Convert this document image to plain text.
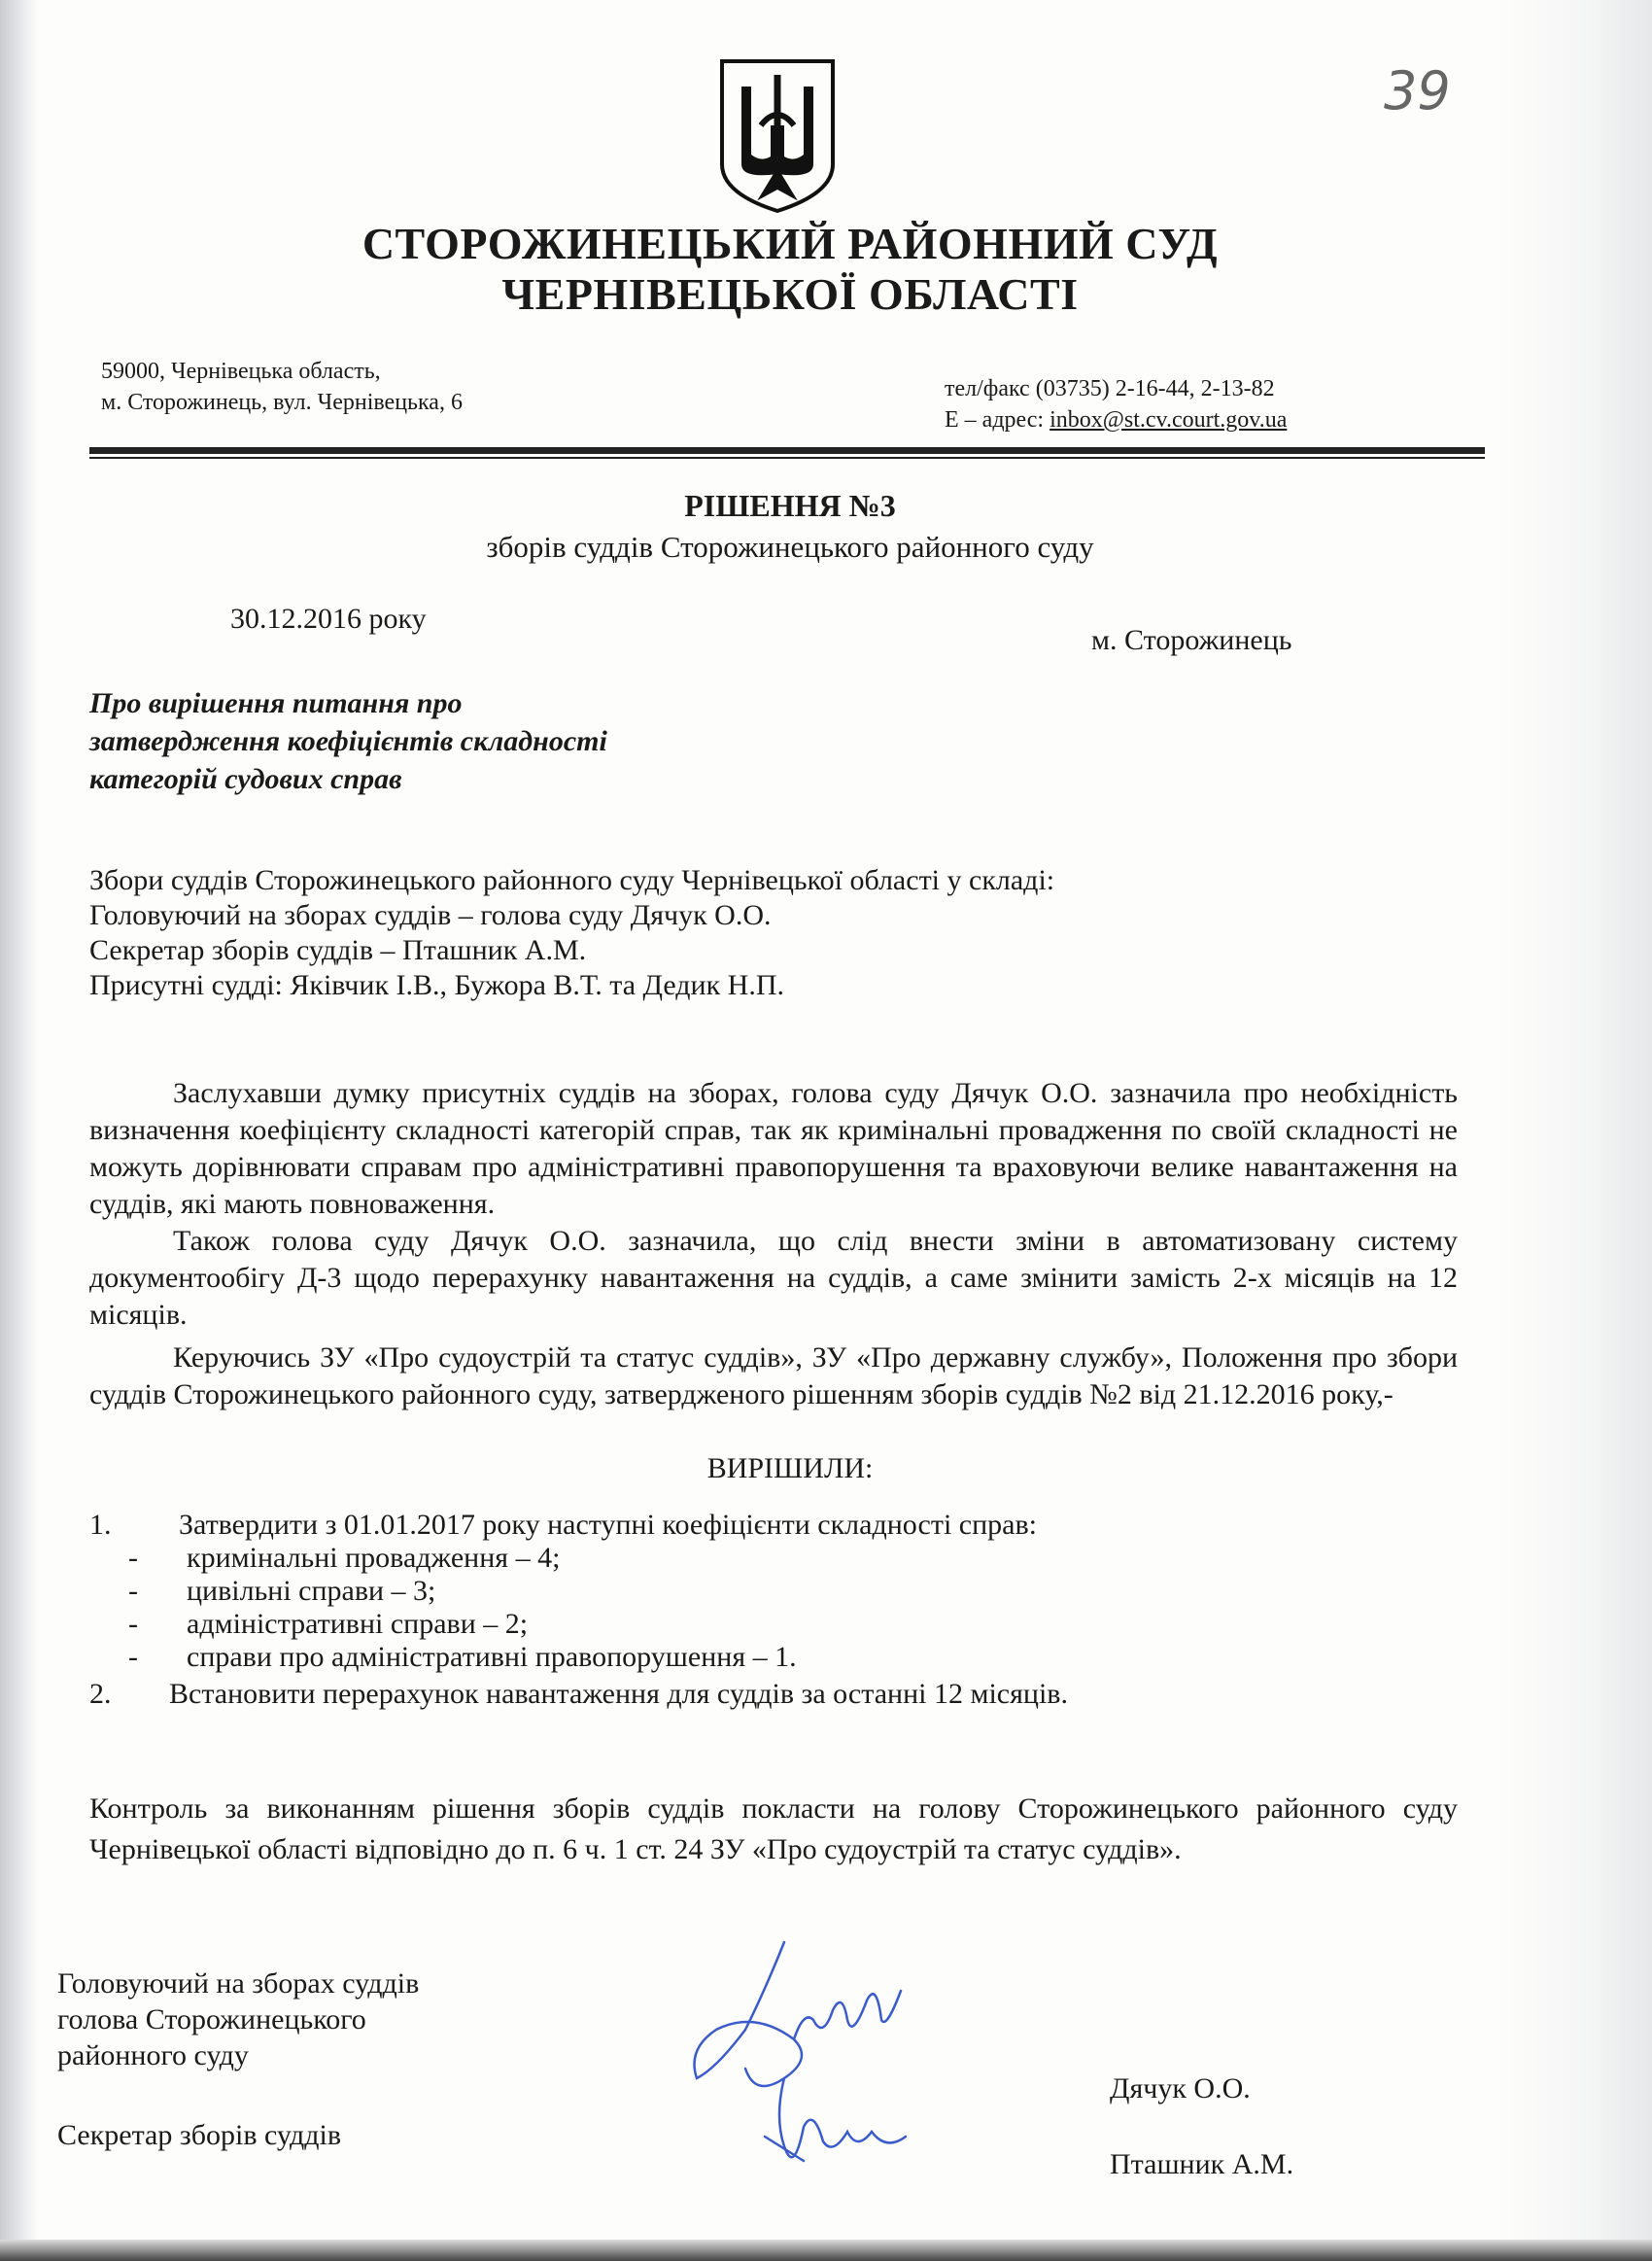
39
СТОРОЖИНЕЦЬКИЙ РАЙОННИЙ СУД
ЧЕРНІВЕЦЬКОЇ ОБЛАСТІ
59000, Чернівецька область,
м. Сторожинець, вул. Чернівецька, 6
тел/факс (03735) 2-16-44, 2-13-82
Е – адрес: inbox@st.cv.court.gov.ua
РІШЕННЯ №3
зборів суддів Сторожинецького районного суду
30.12.2016 року
м. Сторожинець
Про вирішення питання про
затвердження коефіцієнтів складності
категорій судових справ
Збори суддів Сторожинецького районного суду Чернівецької області у складі:
Головуючий на зборах суддів – голова суду Дячук О.О.
Секретар зборів суддів – Пташник А.М.
Присутні судді: Яківчик І.В., Бужора В.Т. та Дедик Н.П.

Заслухавши думку присутніх суддів на зборах, голова суду Дячук О.О. зазначила про необхідність визначення коефіцієнту складності категорій справ, так як кримінальні провадження по своїй складності не можуть дорівнювати справам про адміністративні правопорушення та враховуючи велике навантаження на суддів, які мають повноваження.

Також голова суду Дячук О.О. зазначила, що слід внести зміни в автоматизовану систему документообігу Д-3 щодо перерахунку навантаження на суддів, а саме змінити замість 2-х місяців на 12 місяців.

Керуючись ЗУ «Про судоустрій та статус суддів», ЗУ «Про державну службу», Положення про збори суддів Сторожинецького районного суду, затвердженого рішенням зборів суддів №2 від 21.12.2016 року,-

ВИРІШИЛИ:
1.	Затвердити з 01.01.2017 року наступні коефіцієнти складності справ:
-	кримінальні провадження – 4;
-	цивільні справи – 3;
-	адміністративні справи – 2;
-	справи про адміністративні правопорушення – 1.
2.	Встановити перерахунок навантаження для суддів за останні 12 місяців.

Контроль за виконанням рішення зборів суддів покласти на голову Сторожинецького районного суду Чернівецької області відповідно до п. 6 ч. 1 ст. 24 ЗУ «Про судоустрій та статус суддів».

Головуючий на зборах суддів
голова Сторожинецького
районного суду
Секретар зборів суддів
Дячук О.О.
Пташник А.М.
